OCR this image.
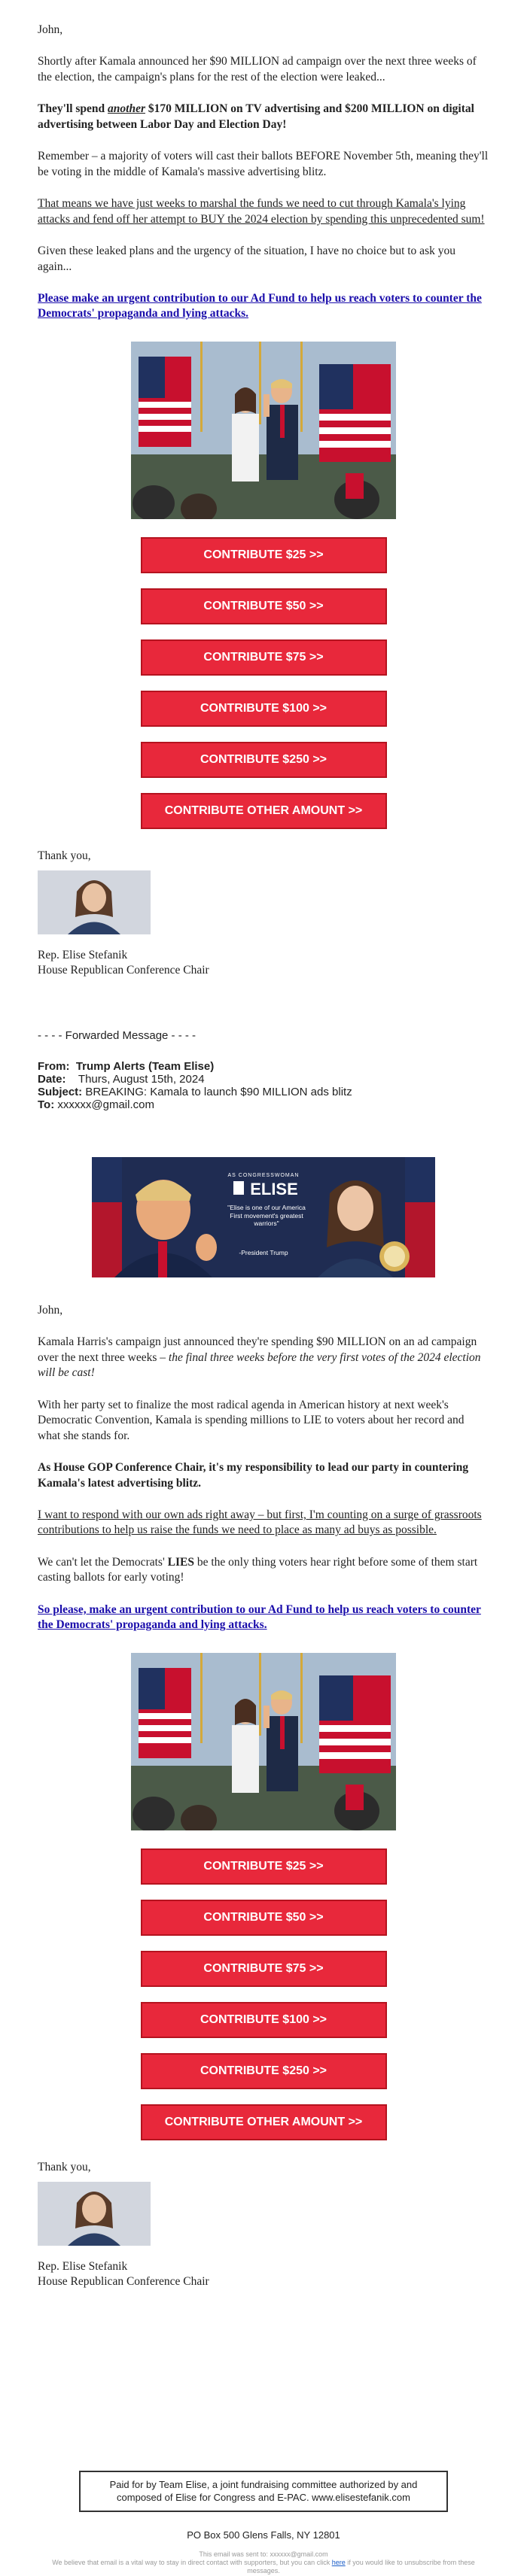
John,

Shortly after Kamala announced her $90 MILLION ad campaign over the next three weeks of the election, the campaign's plans for the rest of the election were leaked...

They'll spend another $170 MILLION on TV advertising and $200 MILLION on digital advertising between Labor Day and Election Day!

Remember – a majority of voters will cast their ballots BEFORE November 5th, meaning they'll be voting in the middle of Kamala's massive advertising blitz.

That means we have just weeks to marshal the funds we need to cut through Kamala's lying attacks and fend off her attempt to BUY the 2024 election by spending this unprecedented sum!

Given these leaked plans and the urgency of the situation, I have no choice but to ask you again...

Please make an urgent contribution to our Ad Fund to help us reach voters to counter the Democrats' propaganda and lying attacks.

CONTRIBUTE $25 >>
CONTRIBUTE $50 >>
CONTRIBUTE $75 >>
CONTRIBUTE $100 >>
CONTRIBUTE $250 >>
CONTRIBUTE OTHER AMOUNT >>

Thank you,

Rep. Elise Stefanik

House Republican Conference Chair

- - - - Forwarded Message - - - -
From: Trump Alerts (Team Elise)
Date: Thurs, August 15th, 2024
Subject: BREAKING: Kamala to launch $90 MILLION ads blitz
To: xxxxxx@gmail.com
AS CONGRESSWOMAN
ELISE
"Elise is one of our America First movement's greatest warriors"
-President Trump

John,

Kamala Harris's campaign just announced they're spending $90 MILLION on an ad campaign over the next three weeks – the final three weeks before the very first votes of the 2024 election will be cast!

With her party set to finalize the most radical agenda in American history at next week's Democratic Convention, Kamala is spending millions to LIE to voters about her record and what she stands for.

As House GOP Conference Chair, it's my responsibility to lead our party in countering Kamala's latest advertising blitz.

I want to respond with our own ads right away – but first, I'm counting on a surge of grassroots contributions to help us raise the funds we need to place as many ad buys as possible.

We can't let the Democrats' LIES be the only thing voters hear right before some of them start casting ballots for early voting!

So please, make an urgent contribution to our Ad Fund to help us reach voters to counter the Democrats' propaganda and lying attacks.

CONTRIBUTE $25 >>
CONTRIBUTE $50 >>
CONTRIBUTE $75 >>
CONTRIBUTE $100 >>
CONTRIBUTE $250 >>
CONTRIBUTE OTHER AMOUNT >>

Thank you,

Rep. Elise Stefanik

House Republican Conference Chair

Paid for by Team Elise, a joint fundraising committee authorized by and composed of Elise for Congress and E-PAC. www.elisestefanik.com
PO Box 500 Glens Falls, NY 12801
This email was sent to: xxxxxx@gmail.com
We believe that email is a vital way to stay in direct contact with supporters, but you can click here if you would like to unsubscribe from these messages.
